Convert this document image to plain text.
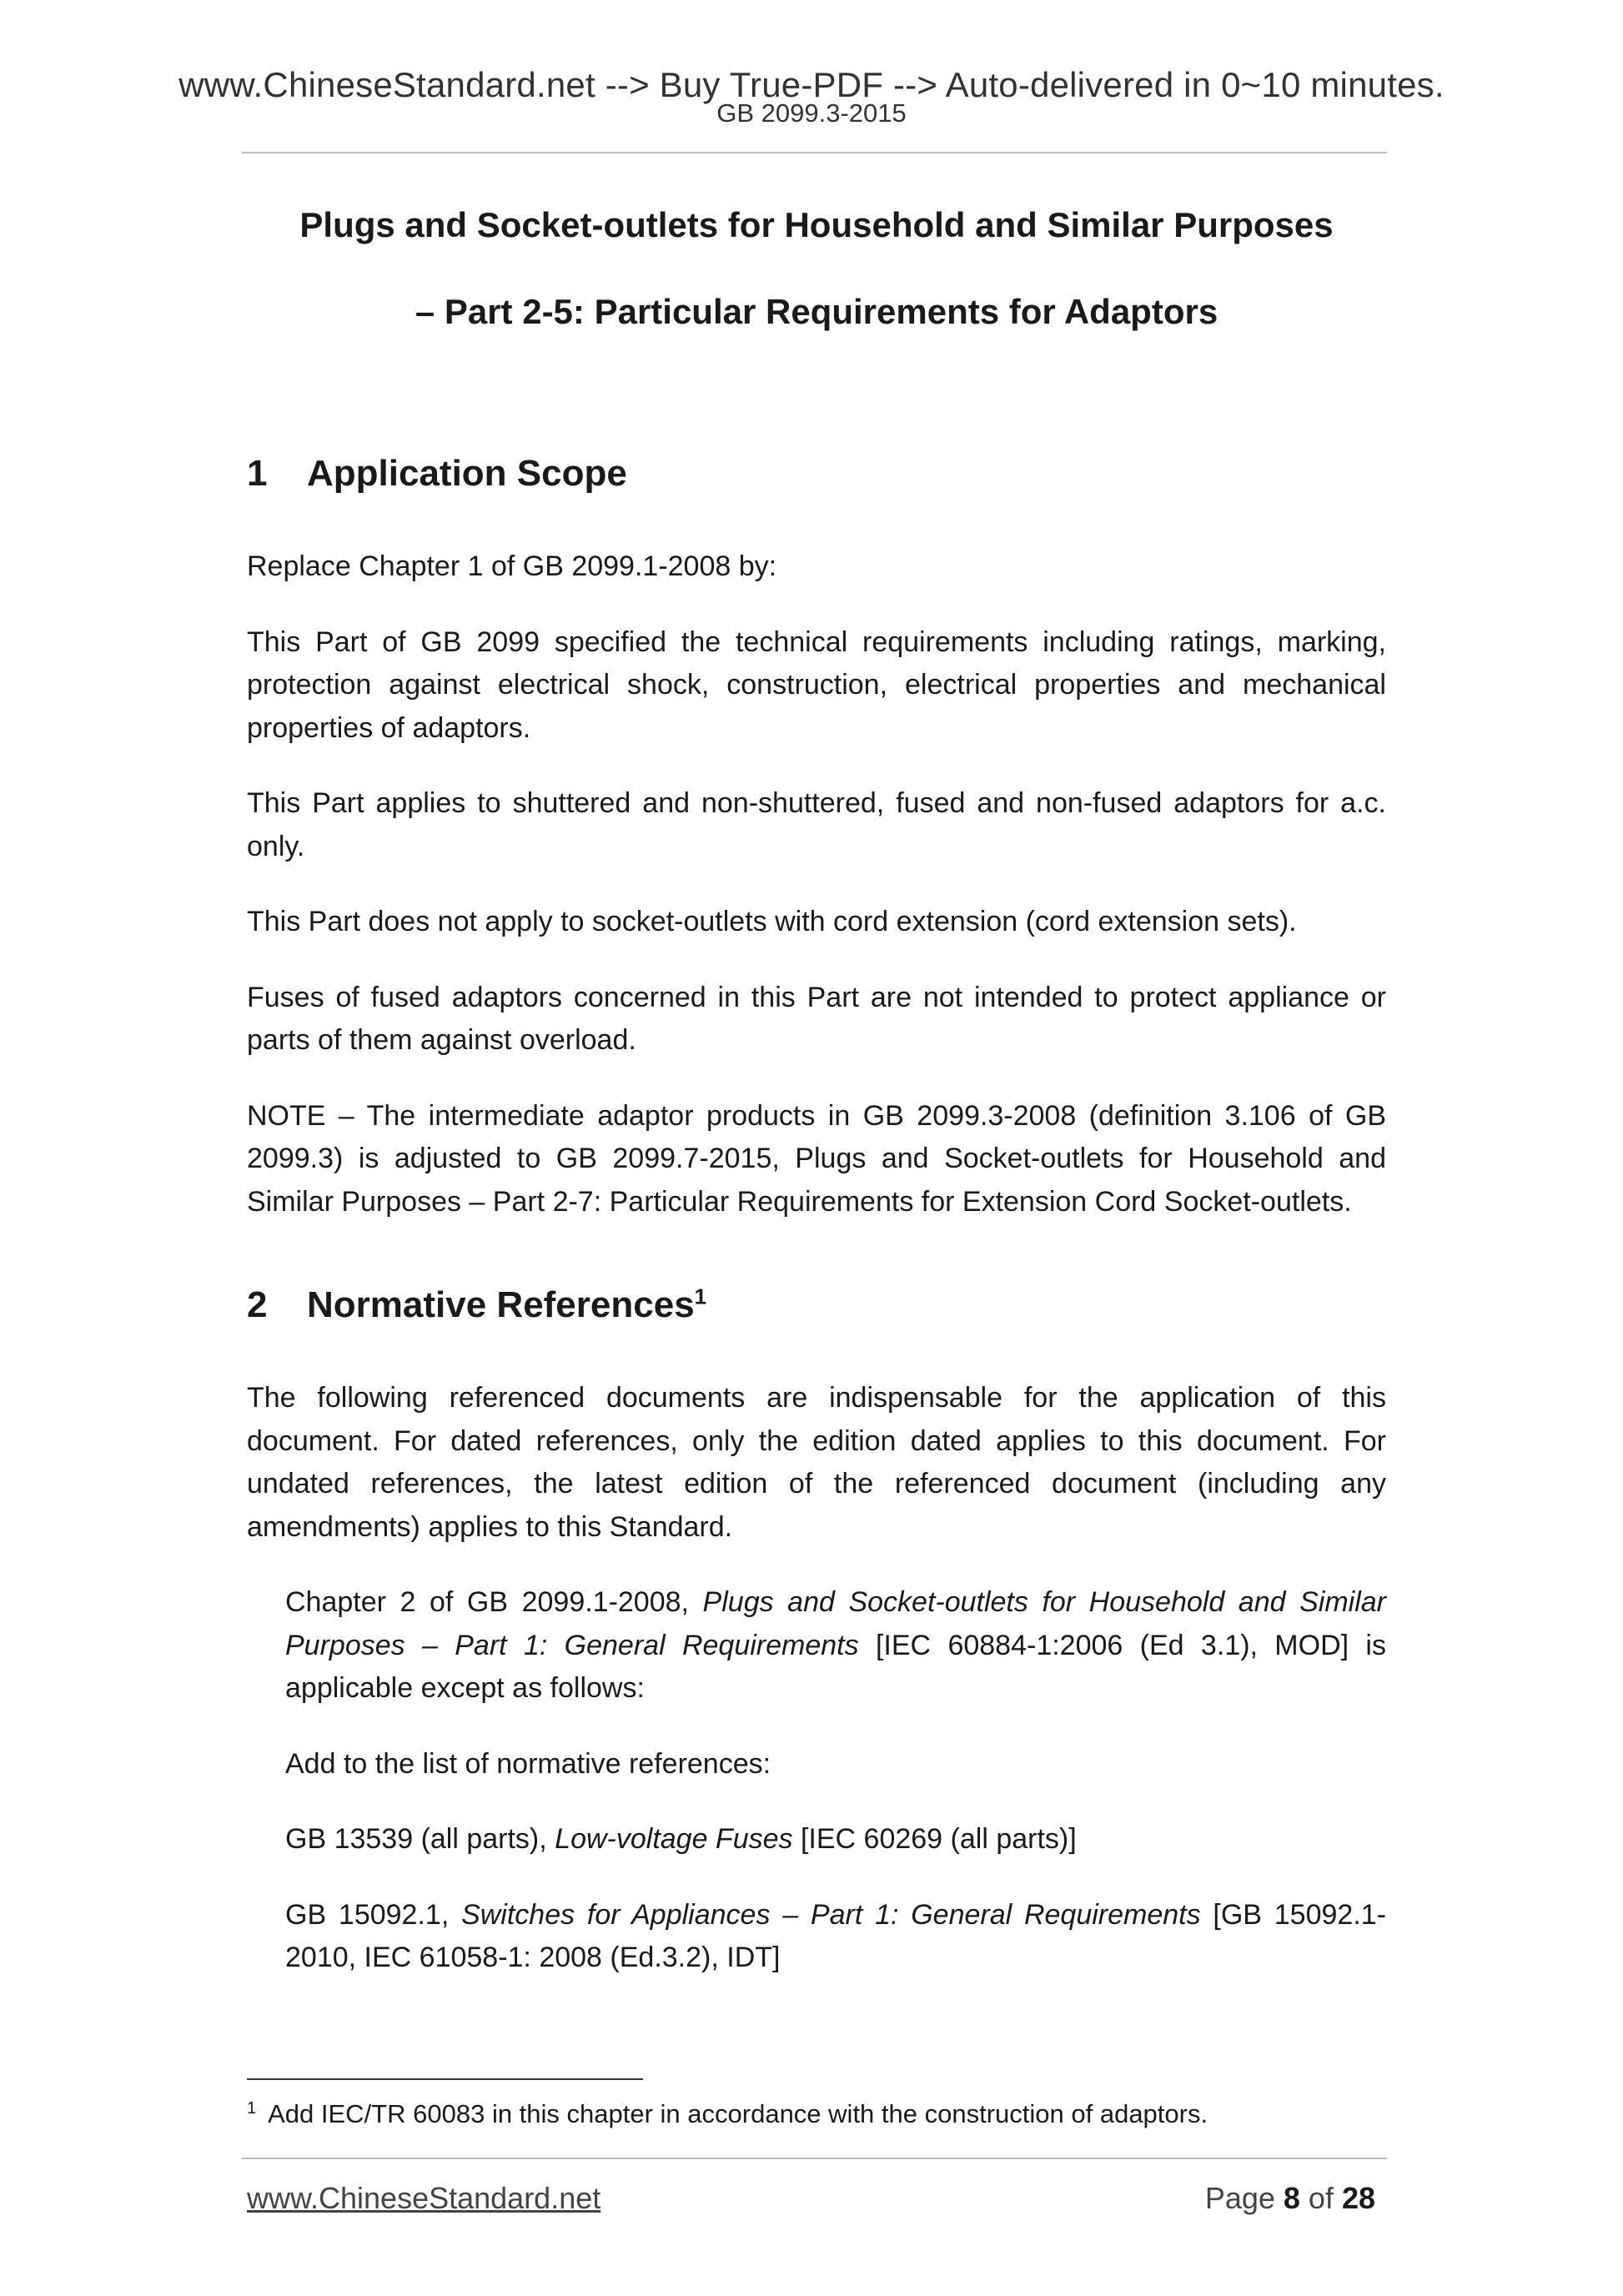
www.ChineseStandard.net --> Buy True-PDF --> Auto-delivered in 0~10 minutes.
GB 2099.3-2015

Plugs and Socket-outlets for Household and Similar Purposes

– Part 2-5: Particular Requirements for Adaptors

1	Application Scope

Replace Chapter 1 of GB 2099.1-2008 by:

This Part of GB 2099 specified the technical requirements including ratings, marking, protection against electrical shock, construction, electrical properties and mechanical properties of adaptors.

This Part applies to shuttered and non-shuttered, fused and non-fused adaptors for a.c. only.

This Part does not apply to socket-outlets with cord extension (cord extension sets).

Fuses of fused adaptors concerned in this Part are not intended to protect appliance or parts of them against overload.

NOTE – The intermediate adaptor products in GB 2099.3-2008 (definition 3.106 of GB 2099.3) is adjusted to GB 2099.7-2015, Plugs and Socket-outlets for Household and Similar Purposes – Part 2-7: Particular Requirements for Extension Cord Socket-outlets.

2	Normative References$^1$

The following referenced documents are indispensable for the application of this document. For dated references, only the edition dated applies to this document. For undated references, the latest edition of the referenced document (including any amendments) applies to this Standard.

Chapter 2 of GB 2099.1-2008, Plugs and Socket-outlets for Household and Similar Purposes – Part 1: General Requirements [IEC 60884-1:2006 (Ed 3.1), MOD] is applicable except as follows:

Add to the list of normative references:

GB 13539 (all parts), Low-voltage Fuses [IEC 60269 (all parts)]

GB 15092.1, Switches for Appliances – Part 1: General Requirements [GB 15092.1-2010, IEC 61058-1: 2008 (Ed.3.2), IDT]

$^1$ Add IEC/TR 60083 in this chapter in accordance with the construction of adaptors.
www.ChineseStandard.net	Page 8 of 28
